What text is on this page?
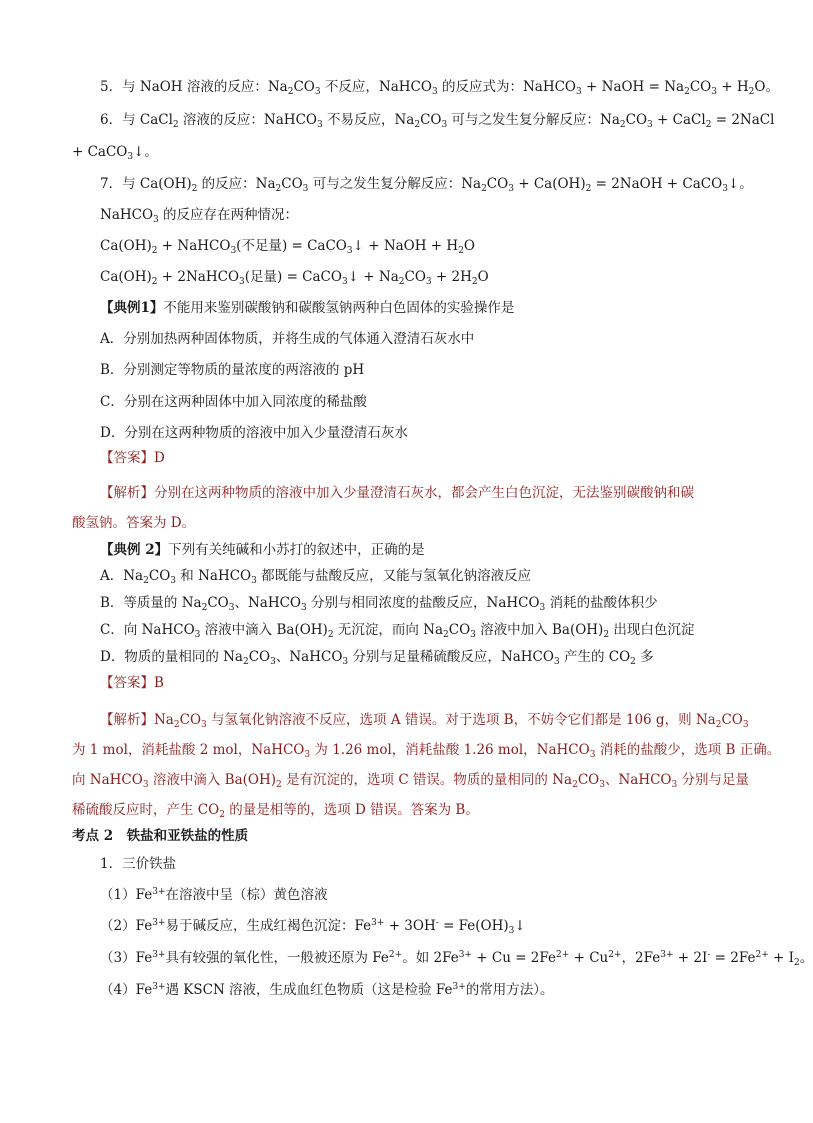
5．与 NaOH 溶液的反应：$Na_2CO_3$ 不反应，NaHCO$_3$ 的反应式为：NaHCO$_3$ + NaOH = $Na_2CO_3 + H_2O$。
6．与 CaCl$_2$ 溶液的反应：NaHCO$_3$ 不易反应，$Na_2CO_3$ 可与之发生复分解反应：$Na_2CO_3$ + CaCl$_2$ = 2NaCl
+ CaCO$_3$↓。
7．与 $Ca(OH)_2$ 的反应：$Na_2CO_3$ 可与之发生复分解反应：$Na_2CO_3 + Ca(OH)_2$ = 2NaOH + CaCO$_3$↓。
NaHCO$_3$ 的反应存在两种情况：
$Ca(OH)_2$ + NaHCO$_3$(不足量) = CaCO$_3$↓ + NaOH + $H_2O$
$Ca(OH)_2$ + 2NaHCO$_3$(足量) = CaCO$_3$↓ + $Na_2CO_3 + 2H_2O$
【典例1】不能用来鉴别碳酸钠和碳酸氢钠两种白色固体的实验操作是
A．分别加热两种固体物质，并将生成的气体通入澄清石灰水中
B．分别测定等物质的量浓度的两溶液的 pH
C．分别在这两种固体中加入同浓度的稀盐酸
D．分别在这两种物质的溶液中加入少量澄清石灰水
【答案】D
【解析】分别在这两种物质的溶液中加入少量澄清石灰水，都会产生白色沉淀，无法鉴别碳酸钠和碳
酸氢钠。答案为 D。
【典例 2】下列有关纯碱和小苏打的叙述中，正确的是
A．$Na_2CO_3$ 和 NaHCO$_3$ 都既能与盐酸反应，又能与氢氧化钠溶液反应
B．等质量的 $Na_2CO_3$、NaHCO$_3$ 分别与相同浓度的盐酸反应，NaHCO$_3$ 消耗的盐酸体积少
C．向 NaHCO$_3$ 溶液中滴入 $Ba(OH)_2$ 无沉淀，而向 $Na_2CO_3$ 溶液中加入 $Ba(OH)_2$ 出现白色沉淀
D．物质的量相同的 $Na_2CO_3$、NaHCO$_3$ 分别与足量稀硫酸反应，NaHCO$_3$ 产生的 $CO_2$ 多
【答案】B
【解析】$Na_2CO_3$ 与氢氧化钠溶液不反应，选项 A 错误。对于选项 B，不妨令它们都是 106 g，则 $Na_2CO_3$
为 1 mol，消耗盐酸 2 mol，NaHCO$_3$ 为 1.26 mol，消耗盐酸 1.26 mol，NaHCO$_3$ 消耗的盐酸少，选项 B 正确。
向 NaHCO$_3$ 溶液中滴入 $Ba(OH)_2$ 是有沉淀的，选项 C 错误。物质的量相同的 $Na_2CO_3$、NaHCO$_3$ 分别与足量
稀硫酸反应时，产生 $CO_2$ 的量是相等的，选项 D 错误。答案为 B。
考点 2　铁盐和亚铁盐的性质
1．三价铁盐
$(1)Fe^{3+}$在溶液中呈（棕）黄色溶液
$(2)Fe^{3+}$易于碱反应，生成红褐色沉淀：$Fe^{3+} + 3OH^-$ = $Fe(OH)_3↓$
$(3)Fe^{3+}$具有较强的氧化性，一般被还原为 $Fe^{2+}$。如 $2Fe^{3+} + Cu = 2Fe^{2+} + Cu^{2+}$，$2Fe^{3+} + 2I^- = 2Fe^{2+} + I_2$。
$(4)Fe^{3+}$遇 KSCN 溶液，生成血红色物质（这是检验 $Fe^{3+}$的常用方法）。
